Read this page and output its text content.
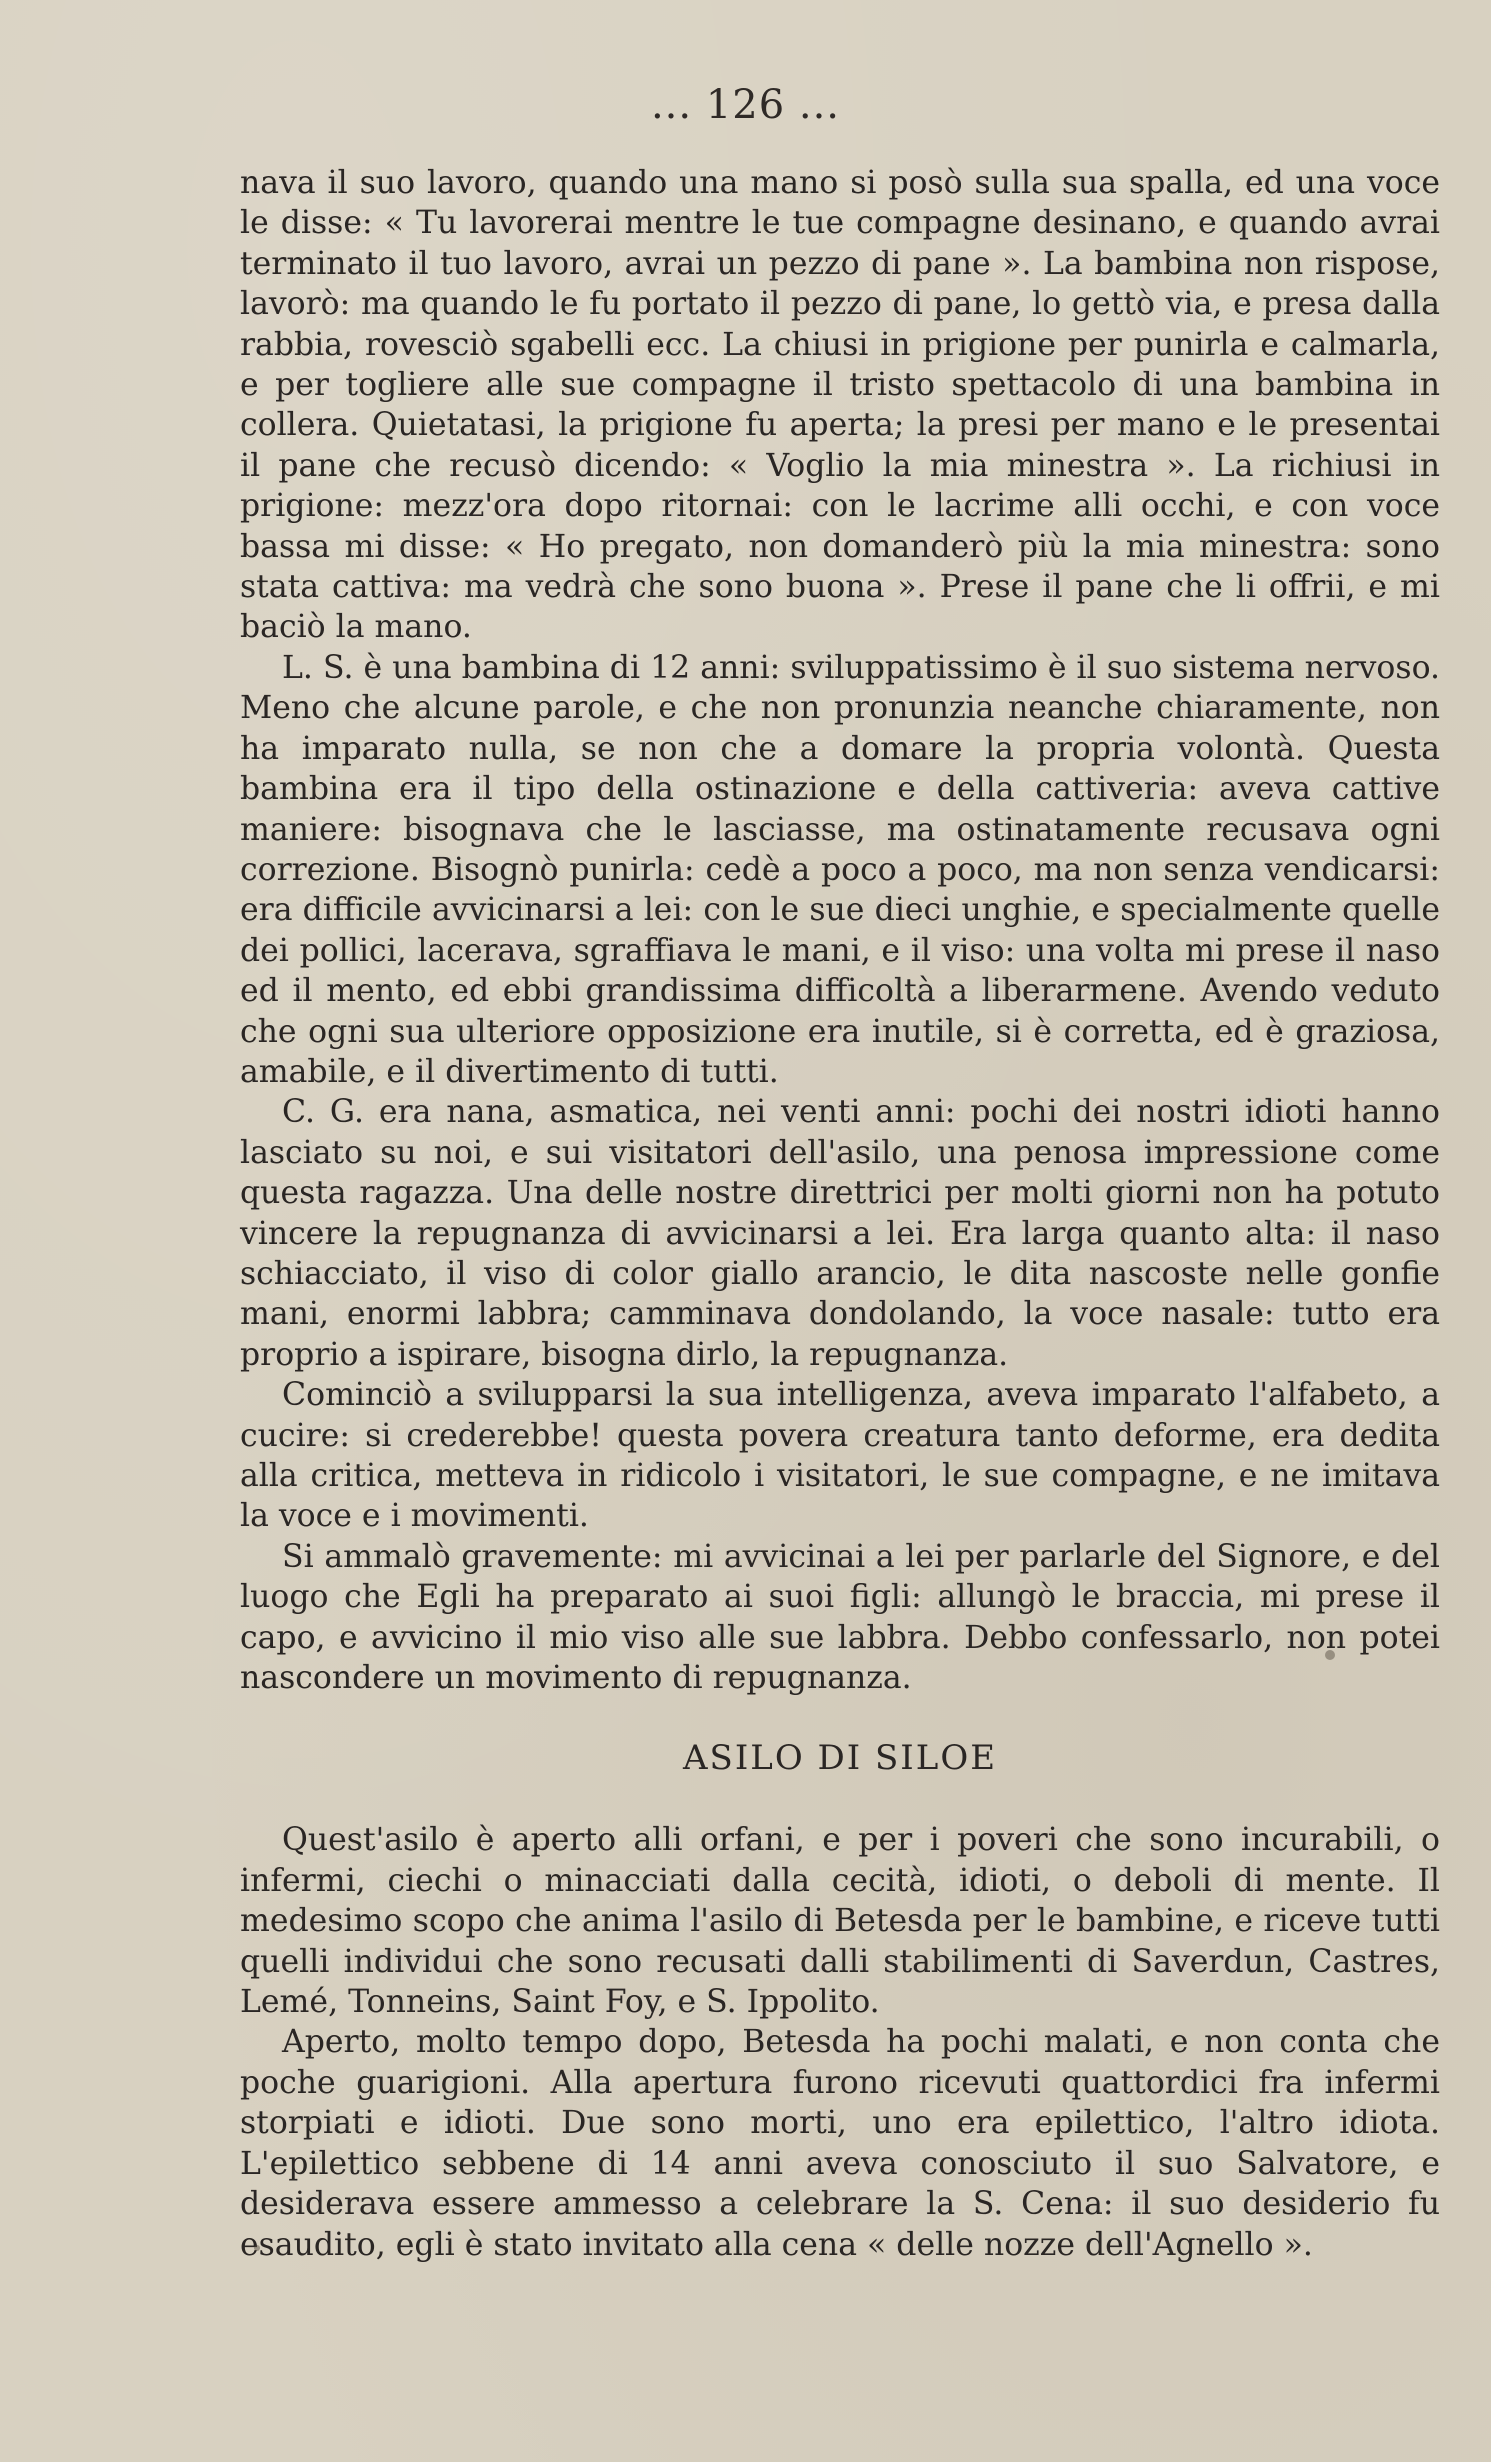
... 126 ...

nava il suo lavoro, quando una mano si posò sulla sua spalla, ed una voce le disse: « Tu lavorerai mentre le tue compagne desinano, e quando avrai terminato il tuo lavoro, avrai un pezzo di pane ». La bambina non rispose, lavorò: ma quando le fu portato il pezzo di pane, lo gettò via, e presa dalla rabbia, rovesciò sgabelli ecc. La chiusi in prigione per punirla e calmarla, e per togliere alle sue compagne il tristo spettacolo di una bambina in collera. Quietatasi, la prigione fu aperta; la presi per mano e le presentai il pane che recusò dicendo: « Voglio la mia minestra ». La richiusi in prigione: mezz'ora dopo ritornai: con le lacrime alli occhi, e con voce bassa mi disse: « Ho pregato, non domanderò più la mia minestra: sono stata cattiva: ma vedrà che sono buona ». Prese il pane che li offrii, e mi baciò la mano.

L. S. è una bambina di 12 anni: sviluppatissimo è il suo sistema nervoso. Meno che alcune parole, e che non pronunzia neanche chiaramente, non ha imparato nulla, se non che a domare la propria volontà. Questa bambina era il tipo della ostinazione e della cattiveria: aveva cattive maniere: bisognava che le lasciasse, ma ostinatamente recusava ogni correzione. Bisognò punirla: cedè a poco a poco, ma non senza vendicarsi: era difficile avvicinarsi a lei: con le sue dieci unghie, e specialmente quelle dei pollici, lacerava, sgraffiava le mani, e il viso: una volta mi prese il naso ed il mento, ed ebbi grandissima difficoltà a liberarmene. Avendo veduto che ogni sua ulteriore opposizione era inutile, si è corretta, ed è graziosa, amabile, e il divertimento di tutti.

C. G. era nana, asmatica, nei venti anni: pochi dei nostri idioti hanno lasciato su noi, e sui visitatori dell'asilo, una penosa impressione come questa ragazza. Una delle nostre direttrici per molti giorni non ha potuto vincere la repugnanza di avvicinarsi a lei. Era larga quanto alta: il naso schiacciato, il viso di color giallo arancio, le dita nascoste nelle gonfie mani, enormi labbra; camminava dondolando, la voce nasale: tutto era proprio a ispirare, bisogna dirlo, la repugnanza.

Cominciò a svilupparsi la sua intelligenza, aveva imparato l'alfabeto, a cucire: si crederebbe! questa povera creatura tanto deforme, era dedita alla critica, metteva in ridicolo i visitatori, le sue compagne, e ne imitava la voce e i movimenti.

Si ammalò gravemente: mi avvicinai a lei per parlarle del Signore, e del luogo che Egli ha preparato ai suoi figli: allungò le braccia, mi prese il capo, e avvicino il mio viso alle sue labbra. Debbo confessarlo, non potei nascondere un movimento di repugnanza.

ASILO DI SILOE

Quest'asilo è aperto alli orfani, e per i poveri che sono incurabili, o infermi, ciechi o minacciati dalla cecità, idioti, o deboli di mente. Il medesimo scopo che anima l'asilo di Betesda per le bambine, e riceve tutti quelli individui che sono recusati dalli stabilimenti di Saverdun, Castres, Lemé, Tonneins, Saint Foy, e S. Ippolito.

Aperto, molto tempo dopo, Betesda ha pochi malati, e non conta che poche guarigioni. Alla apertura furono ricevuti quattordici fra infermi storpiati e idioti. Due sono morti, uno era epilettico, l'altro idiota. L'epilettico sebbene di 14 anni aveva conosciuto il suo Salvatore, e desiderava essere ammesso a celebrare la S. Cena: il suo desiderio fu esaudito, egli è stato invitato alla cena « delle nozze dell'Agnello ».
